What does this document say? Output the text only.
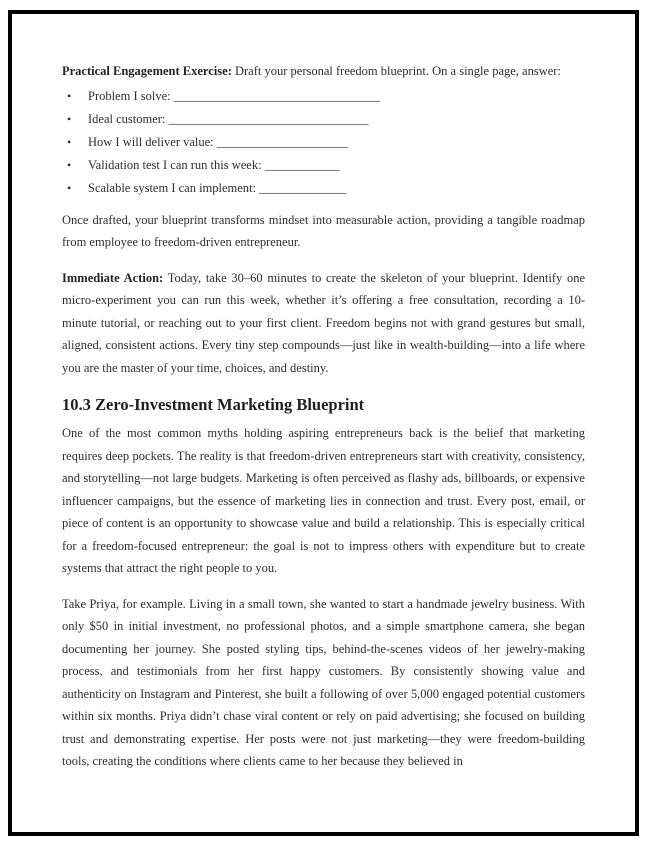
Practical Engagement Exercise: Draft your personal freedom blueprint. On a single page, answer:

• Problem I solve: _________________________________
• Ideal customer: ________________________________
• How I will deliver value: _____________________
• Validation test I can run this week: ____________
• Scalable system I can implement: ______________

Once drafted, your blueprint transforms mindset into measurable action, providing a tangible roadmap from employee to freedom-driven entrepreneur.

Immediate Action: Today, take 30–60 minutes to create the skeleton of your blueprint. Identify one micro-experiment you can run this week, whether it’s offering a free consultation, recording a 10-minute tutorial, or reaching out to your first client. Freedom begins not with grand gestures but small, aligned, consistent actions. Every tiny step compounds—just like in wealth-building—into a life where you are the master of your time, choices, and destiny.

10.3 Zero-Investment Marketing Blueprint

One of the most common myths holding aspiring entrepreneurs back is the belief that marketing requires deep pockets. The reality is that freedom-driven entrepreneurs start with creativity, consistency, and storytelling—not large budgets. Marketing is often perceived as flashy ads, billboards, or expensive influencer campaigns, but the essence of marketing lies in connection and trust. Every post, email, or piece of content is an opportunity to showcase value and build a relationship. This is especially critical for a freedom-focused entrepreneur: the goal is not to impress others with expenditure but to create systems that attract the right people to you.

Take Priya, for example. Living in a small town, she wanted to start a handmade jewelry business. With only $50 in initial investment, no professional photos, and a simple smartphone camera, she began documenting her journey. She posted styling tips, behind-the-scenes videos of her jewelry-making process, and testimonials from her first happy customers. By consistently showing value and authenticity on Instagram and Pinterest, she built a following of over 5,000 engaged potential customers within six months. Priya didn’t chase viral content or rely on paid advertising; she focused on building trust and demonstrating expertise. Her posts were not just marketing—they were freedom-building tools, creating the conditions where clients came to her because they believed in
